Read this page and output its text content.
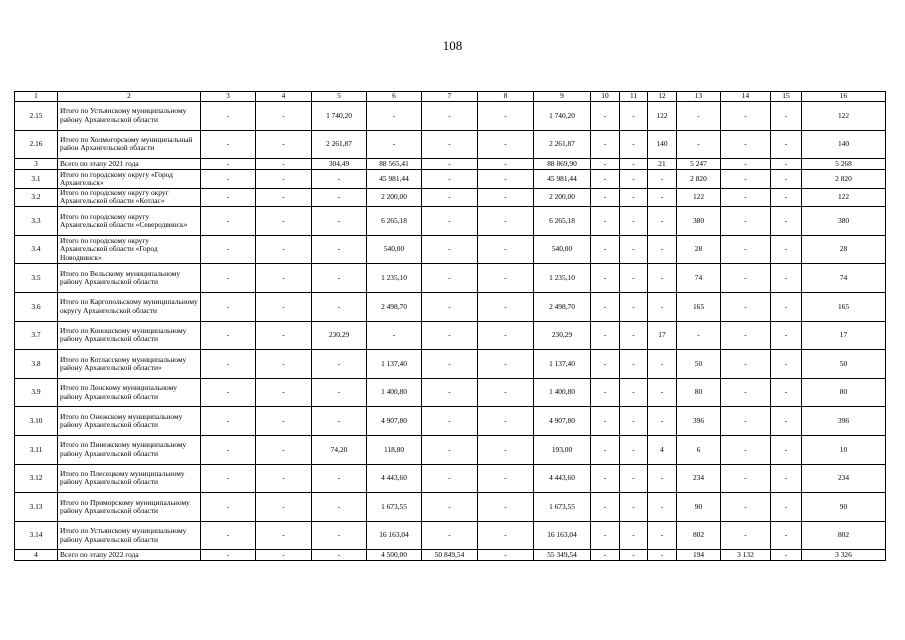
108
1	2	3	4	5	6	7	8	9	10	11	12	13	14	15	16
2.15	Итого по Устьянскому муниципальному району Архангельской области	-	-	1 740,20	-	-	-	1 740,20	-	-	122	-	-	-	122
2.16	Итого по Холмогорскому муниципальный район Архангельской области	-	-	2 261,87	-	-	-	2 261,87	-	-	140	-	-	-	140
3	Всего по этапу 2021 года	-	-	304,49	88 565,41	-	-	88 869,90	-	-	21	5 247	-	-	5 268
3.1	Итого по городскому округу «Город Архангельск»	-	-	-	45 981,44	-	-	45 981,44	-	-	-	2 820	-	-	2 820
3.2	Итого по городскому округу округ Архангельской области «Котлас»	-	-	-	2 200,00	-	-	2 200,00	-	-	-	122	-	-	122
3.3	Итого по городскому округу Архангельской области «Северодвинск»	-	-	-	6 265,18	-	-	6 265,18	-	-	-	380	-	-	380
3.4	Итого по городскому округу Архангельской области «Город Новодвинск»	-	-	-	540,00	-	-	540,00	-	-	-	28	-	-	28
3.5	Итого по Вельскому муниципальному району Архангельской области	-	-	-	1 235,10	-	-	1 235,10	-	-	-	74	-	-	74
3.6	Итого по Каргопольскому муниципальному округу Архангельской области	-	-	-	2 498,70	-	-	2 498,70	-	-	-	165	-	-	165
3.7	Итого по Коношскому муниципальному району Архангельской области	-	-	230,29	-	-	-	230,29	-	-	17	-	-	-	17
3.8	Итого по Котласскому муниципальному району Архангельской области»	-	-	-	1 137,40	-	-	1 137,40	-	-	-	50	-	-	50
3.9	Итого по Ленскому муниципальному району Архангельской области	-	-	-	1 400,80	-	-	1 400,80	-	-	-	80	-	-	80
3.10	Итого по Онежскому муниципальному району Архангельской области	-	-	-	4 907,80	-	-	4 907,80	-	-	-	396	-	-	396
3.11	Итого по Пинежскому муниципальному району Архангельской области	-	-	74,20	118,80	-	-	193,00	-	-	4	6	-	-	10
3.12	Итого по Плесецкому муниципальному району Архангельской области	-	-	-	4 443,60	-	-	4 443,60	-	-	-	234	-	-	234
3.13	Итого по Приморскому муниципальному району Архангельской области	-	-	-	1 673,55	-	-	1 673,55	-	-	-	90	-	-	90
3.14	Итого по Устьянскому муниципальному району Архангельской области	-	-	-	16 163,04	-	-	16 163,04	-	-	-	802	-	-	802
4	Всего по этапу 2022 года	-	-	-	4 500,00	50 849,54	-	55 349,54	-	-	-	194	3 132	-	3 326
